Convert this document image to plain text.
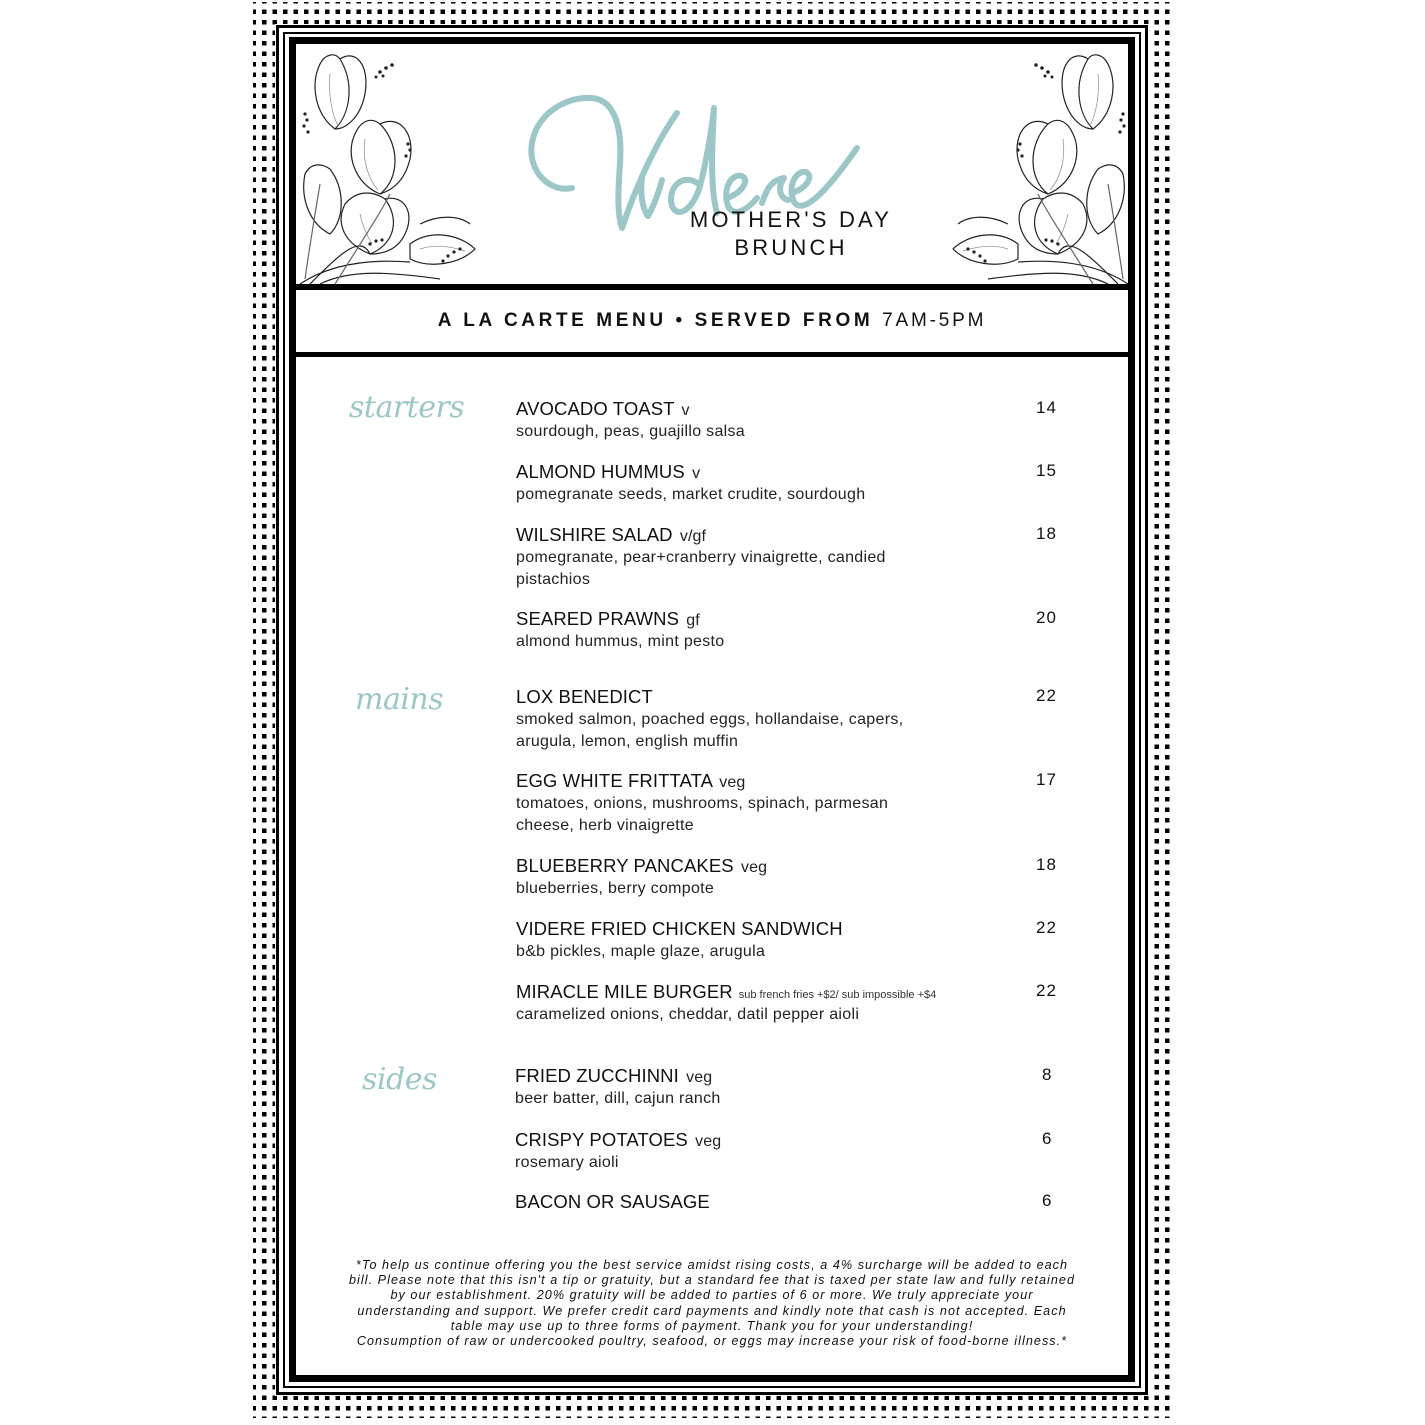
MOTHER'S DAY
BRUNCH
A LA CARTE MENU • SERVED FROM 7AM-5PM
starters
mains
sides
AVOCADO TOAST v
sourdough, peas, guajillo salsa
14
ALMOND HUMMUS v
pomegranate seeds, market crudite, sourdough
15
WILSHIRE SALAD v/gf
pomegranate, pear+cranberry vinaigrette, candied
pistachios
18
SEARED PRAWNS gf
almond hummus, mint pesto
20
LOX BENEDICT
smoked salmon, poached eggs, hollandaise, capers,
arugula, lemon, english muffin
22
EGG WHITE FRITTATA veg
tomatoes, onions, mushrooms, spinach, parmesan
cheese, herb vinaigrette
17
BLUEBERRY PANCAKES veg
blueberries, berry compote
18
VIDERE FRIED CHICKEN SANDWICH
b&b pickles, maple glaze, arugula
22
MIRACLE MILE BURGER sub french fries +$2/ sub impossible +$4
caramelized onions, cheddar, datil pepper aioli
22
FRIED ZUCCHINNI veg
beer batter, dill, cajun ranch
8
CRISPY POTATOES veg
rosemary aioli
6
BACON OR SAUSAGE	6
*To help us continue offering you the best service amidst rising costs, a 4% surcharge will be added to each
bill. Please note that this isn't a tip or gratuity, but a standard fee that is taxed per state law and fully retained
by our establishment. 20% gratuity will be added to parties of 6 or more. We truly appreciate your
understanding and support. We prefer credit card payments and kindly note that cash is not accepted. Each
table may use up to three forms of payment. Thank you for your understanding!
Consumption of raw or undercooked poultry, seafood, or eggs may increase your risk of food-borne illness.*
